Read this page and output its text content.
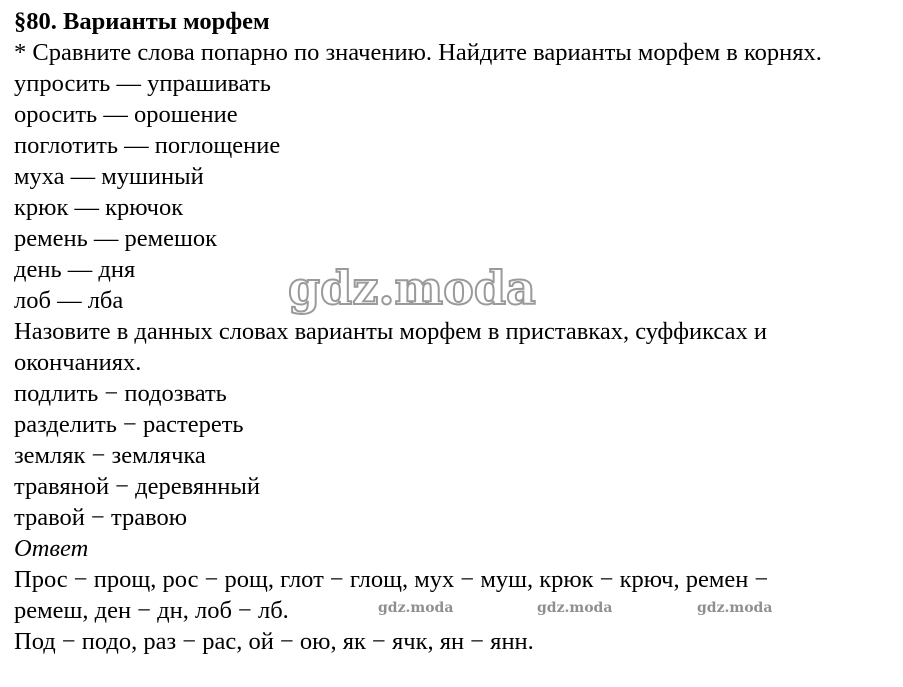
§80. Варианты морфем
* Сравните слова попарно по значению. Найдите варианты морфем в корнях.
упросить — упрашивать
оросить — орошение
поглотить — поглощение
муха — мушиный
крюк — крючок
ремень — ремешок
день — дня
лоб — лба
Назовите в данных словах варианты морфем в приставках, суффиксах и
окончаниях.
подлить − подозвать
разделить − растереть
земляк − землячка
травяной − деревянный
травой − травою
Ответ
Прос − прощ, рос − рощ, глот − глощ, мух − муш, крюк − крюч, ремен −
ремеш, ден − дн, лоб − лб.
Под − подо, раз − рас, ой − ою, як − ячк, ян − янн.
gdz.moda
gdz.moda	gdz.moda	gdz.moda
